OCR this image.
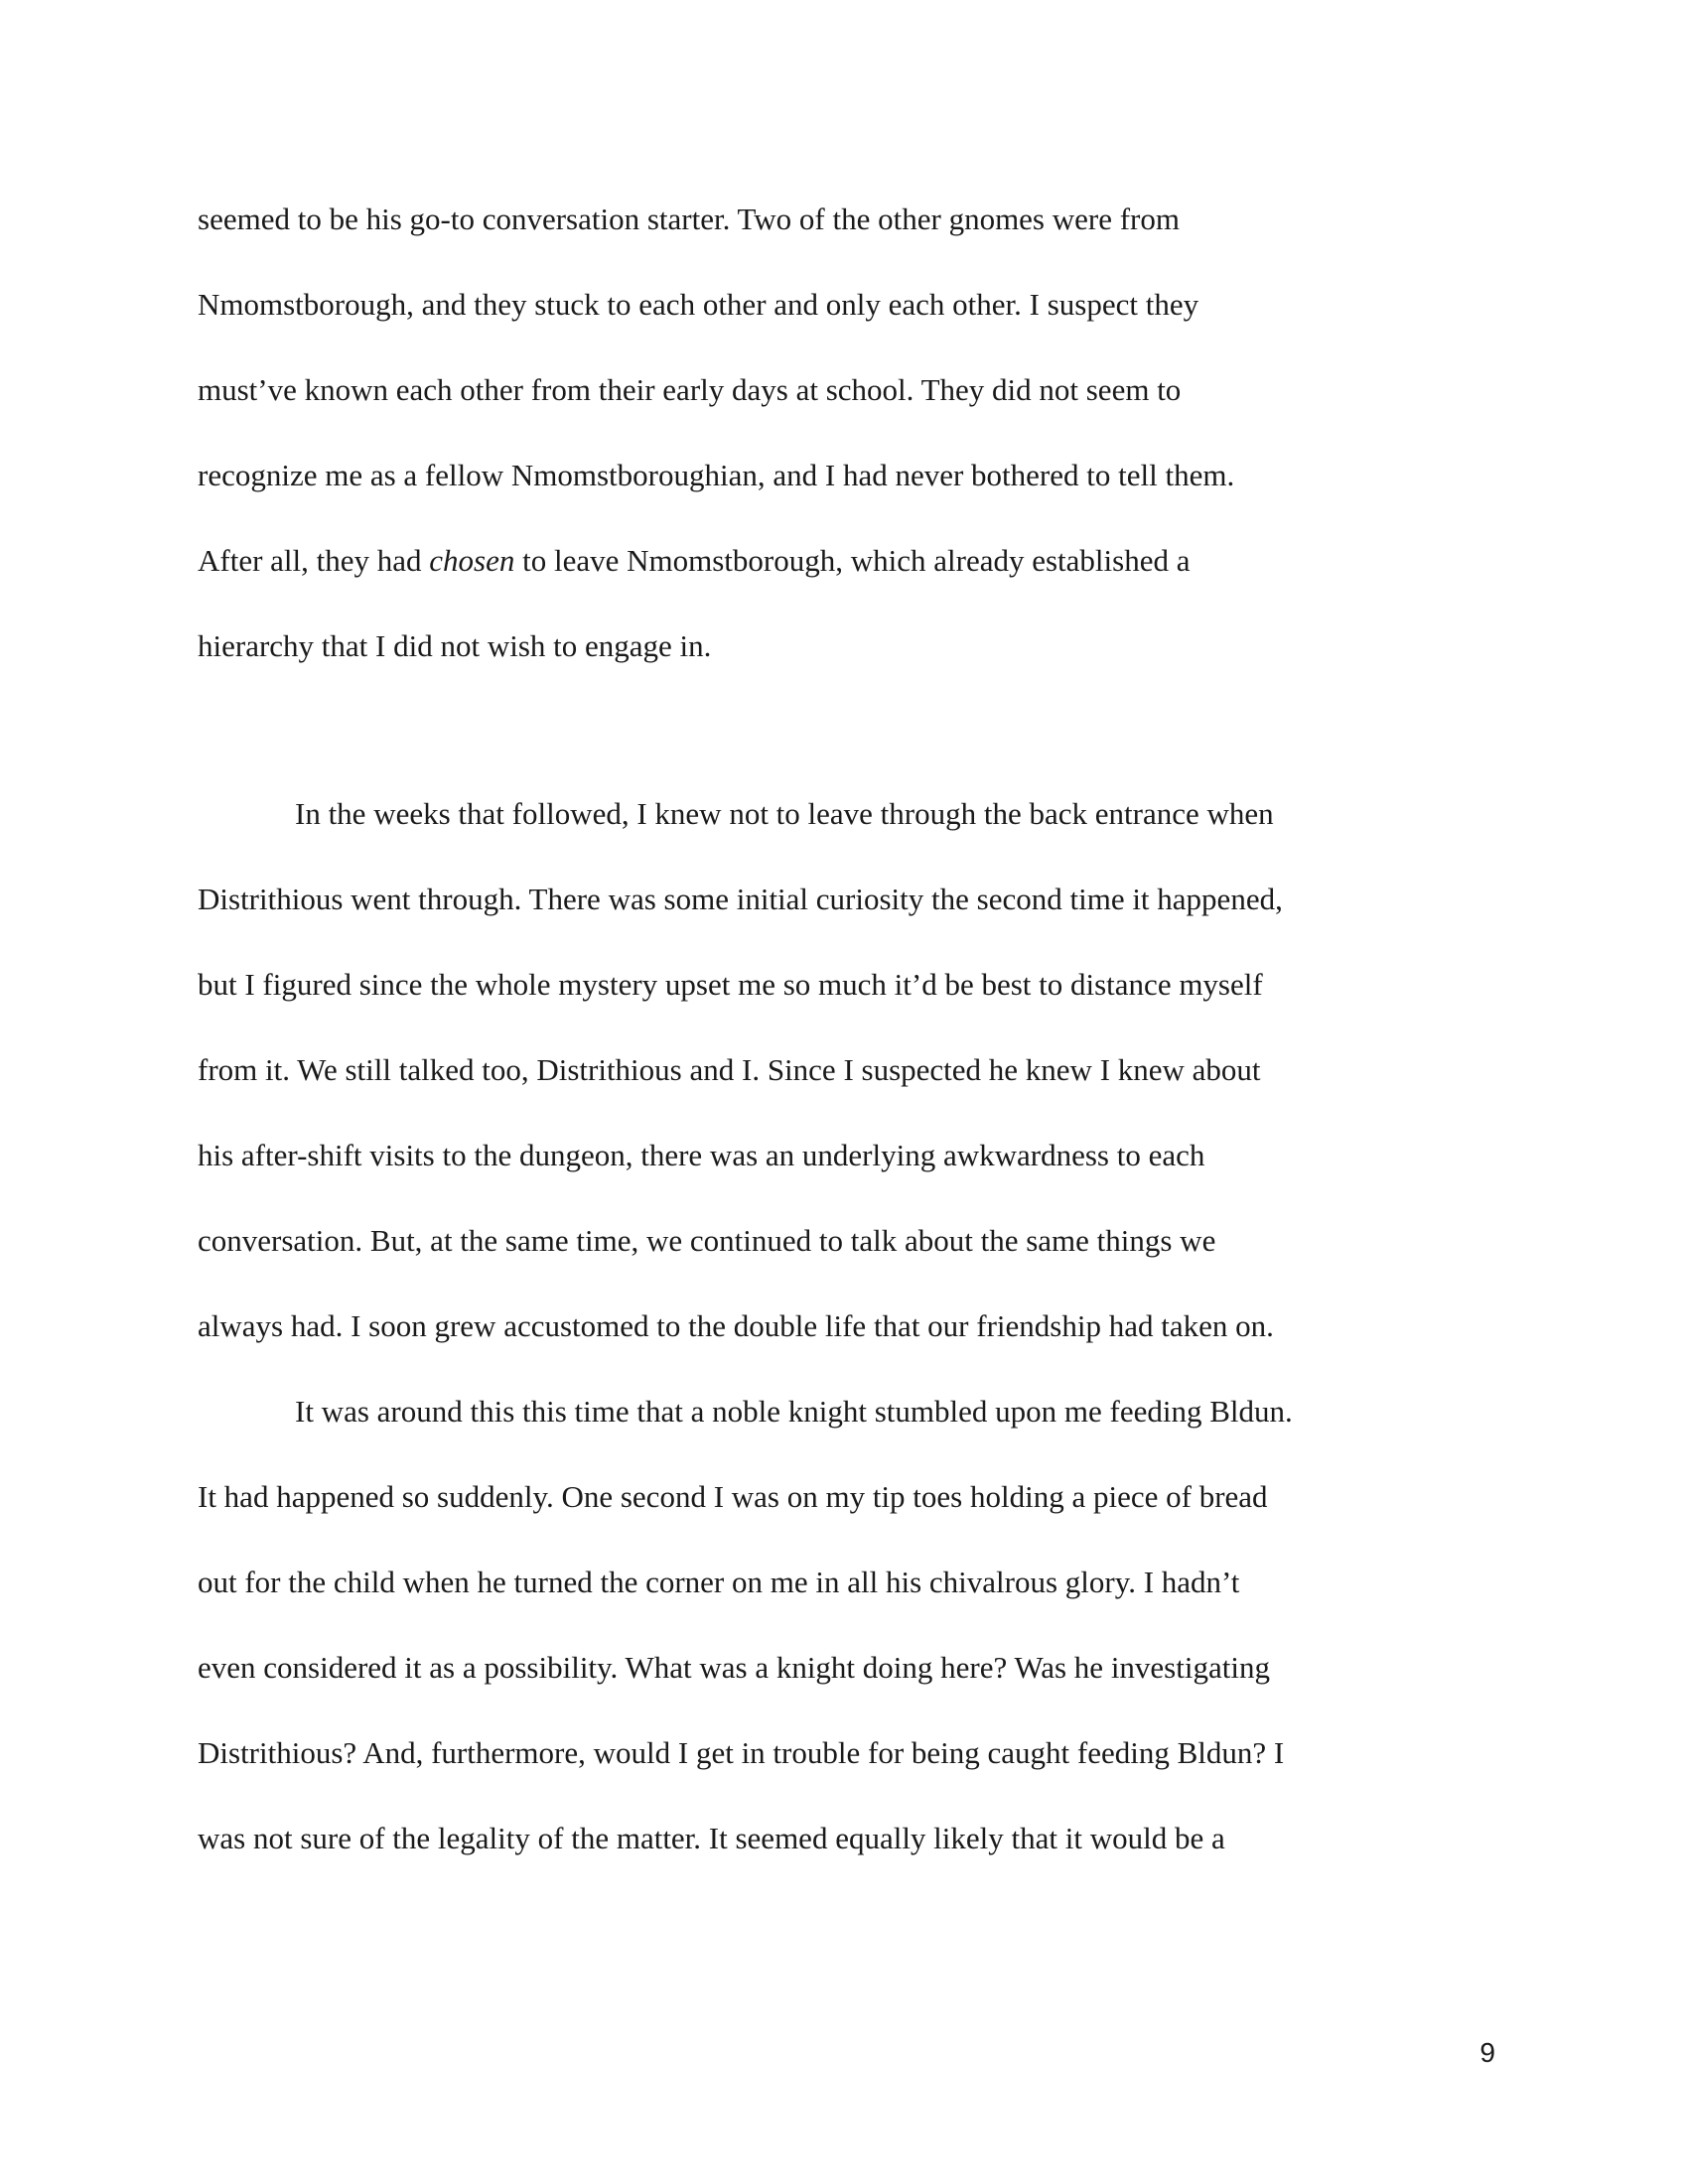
seemed to be his go-to conversation starter. Two of the other gnomes were from
Nmomstborough, and they stuck to each other and only each other. I suspect they
must’ve known each other from their early days at school. They did not seem to
recognize me as a fellow Nmomstboroughian, and I had never bothered to tell them.
After all, they had chosen to leave Nmomstborough, which already established a
hierarchy that I did not wish to engage in.
In the weeks that followed, I knew not to leave through the back entrance when
Distrithious went through. There was some initial curiosity the second time it happened,
but I figured since the whole mystery upset me so much it’d be best to distance myself
from it. We still talked too, Distrithious and I. Since I suspected he knew I knew about
his after-shift visits to the dungeon, there was an underlying awkwardness to each
conversation. But, at the same time, we continued to talk about the same things we
always had. I soon grew accustomed to the double life that our friendship had taken on.
It was around this this time that a noble knight stumbled upon me feeding Bldun.
It had happened so suddenly. One second I was on my tip toes holding a piece of bread
out for the child when he turned the corner on me in all his chivalrous glory. I hadn’t
even considered it as a possibility. What was a knight doing here? Was he investigating
Distrithious? And, furthermore, would I get in trouble for being caught feeding Bldun? I
was not sure of the legality of the matter. It seemed equally likely that it would be a
9
